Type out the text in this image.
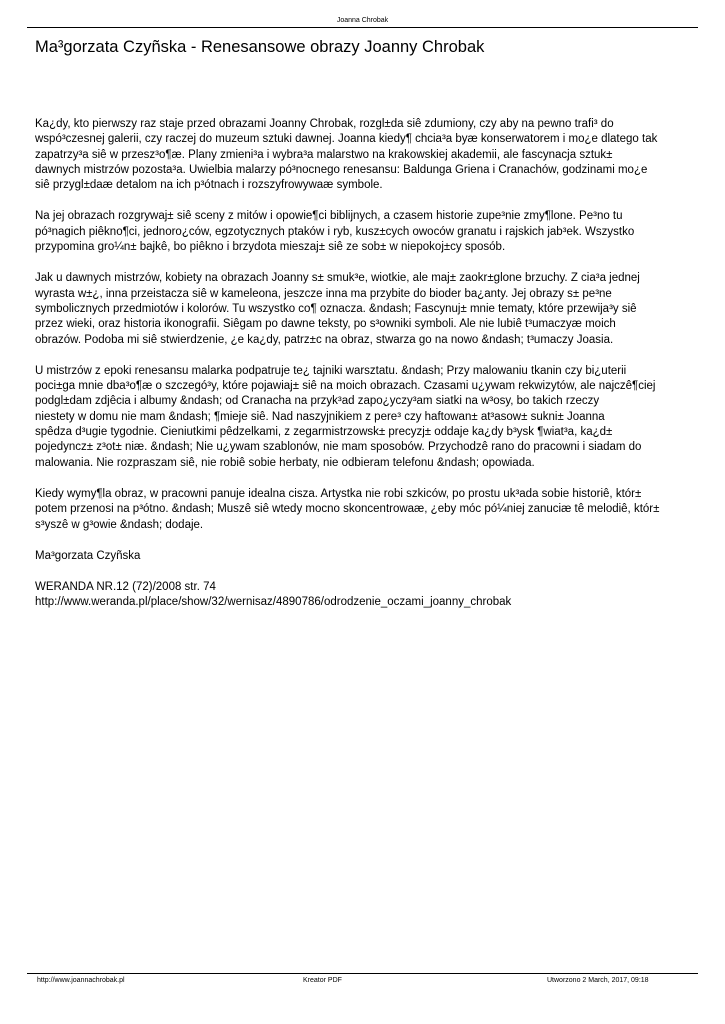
Joanna Chrobak
Ma³gorzata Czyñska - Renesansowe obrazy Joanny Chrobak

Ka¿dy, kto pierwszy raz staje przed obrazami Joanny Chrobak, rozgl±da siê zdumiony, czy aby na pewno trafi³ do
wspó³czesnej galerii, czy raczej do muzeum sztuki dawnej. Joanna kiedy¶ chcia³a byæ konserwatorem i mo¿e dlatego tak
zapatrzy³a siê w przesz³o¶æ. Plany zmieni³a i wybra³a malarstwo na krakowskiej akademii, ale fascynacja sztuk±
dawnych mistrzów pozosta³a. Uwielbia malarzy pó³nocnego renesansu: Baldunga Griena i Cranachów, godzinami mo¿e
siê przygl±daæ detalom na ich p³ótnach i rozszyfrowywaæ symbole.

Na jej obrazach rozgrywaj± siê sceny z mitów i opowie¶ci biblijnych, a czasem historie zupe³nie zmy¶lone. Pe³no tu
pó³nagich piêkno¶ci, jednoro¿ców, egzotycznych ptaków i ryb, kusz±cych owoców granatu i rajskich jab³ek. Wszystko
przypomina gro¼n± bajkê, bo piêkno i brzydota mieszaj± siê ze sob± w niepokoj±cy sposób.

Jak u dawnych mistrzów, kobiety na obrazach Joanny s± smuk³e, wiotkie, ale maj± zaokr±glone brzuchy. Z cia³a jednej
wyrasta w±¿, inna przeistacza siê w kameleona, jeszcze inna ma przybite do bioder ba¿anty. Jej obrazy s± pe³ne
symbolicznych przedmiotów i kolorów. Tu wszystko co¶ oznacza. &ndash; Fascynuj± mnie tematy, które przewija³y siê
przez wieki, oraz historia ikonografii. Siêgam po dawne teksty, po s³owniki symboli. Ale nie lubiê t³umaczyæ moich
obrazów. Podoba mi siê stwierdzenie, ¿e ka¿dy, patrz±c na obraz, stwarza go na nowo &ndash; t³umaczy Joasia.

U mistrzów z epoki renesansu malarka podpatruje te¿ tajniki warsztatu. &ndash; Przy malowaniu tkanin czy bi¿uterii
poci±ga mnie dba³o¶æ o szczegó³y, które pojawiaj± siê na moich obrazach. Czasami u¿ywam rekwizytów, ale najczê¶ciej
podgl±dam zdjêcia i albumy &ndash; od Cranacha na przyk³ad zapo¿yczy³am siatki na w³osy, bo takich rzeczy
niestety w domu nie mam &ndash; ¶mieje siê. Nad naszyjnikiem z pere³ czy haftowan± at³asow± sukni± Joanna
spêdza d³ugie tygodnie. Cieniutkimi pêdzelkami, z zegarmistrzowsk± precyzj± oddaje ka¿dy b³ysk ¶wiat³a, ka¿d±
pojedyncz± z³ot± niæ. &ndash; Nie u¿ywam szablonów, nie mam sposobów. Przychodzê rano do pracowni i siadam do
malowania. Nie rozpraszam siê, nie robiê sobie herbaty, nie odbieram telefonu &ndash; opowiada.

Kiedy wymy¶la obraz, w pracowni panuje idealna cisza. Artystka nie robi szkiców, po prostu uk³ada sobie historiê, któr±
potem przenosi na p³ótno. &ndash; Muszê siê wtedy mocno skoncentrowaæ, ¿eby móc pó¼niej zanuciæ tê melodiê, któr±
s³yszê w g³owie &ndash; dodaje.

Ma³gorzata Czyñska

WERANDA NR.12 (72)/2008 str. 74

http://www.weranda.pl/place/show/32/wernisaz/4890786/odrodzenie_oczami_joanny_chrobak

http://www.joannachrobak.pl	Kreator PDF	Utworzono 2 March, 2017, 09:18
